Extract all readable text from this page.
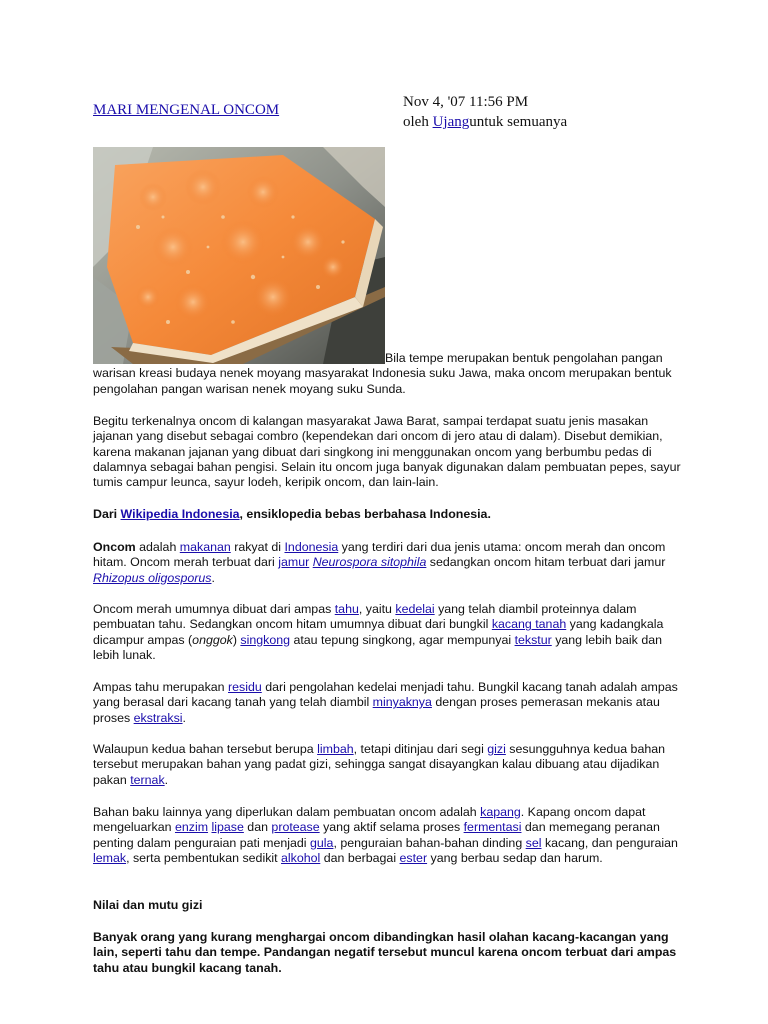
MARI MENGENAL ONCOM	Nov 4, '07 11:56 PM
oleh Ujanguntuk semuanya

Bila tempe merupakan bentuk pengolahan pangan warisan kreasi budaya nenek moyang masyarakat Indonesia suku Jawa, maka oncom merupakan bentuk pengolahan pangan warisan nenek moyang suku Sunda.

Begitu terkenalnya oncom di kalangan masyarakat Jawa Barat, sampai terdapat suatu jenis masakan jajanan yang disebut sebagai combro (kependekan dari oncom di jero atau di dalam). Disebut demikian, karena makanan jajanan yang dibuat dari singkong ini menggunakan oncom yang berbumbu pedas di dalamnya sebagai bahan pengisi. Selain itu oncom juga banyak digunakan dalam pembuatan pepes, sayur tumis campur leunca, sayur lodeh, keripik oncom, dan lain-lain.

Dari Wikipedia Indonesia, ensiklopedia bebas berbahasa Indonesia.

Oncom adalah makanan rakyat di Indonesia yang terdiri dari dua jenis utama: oncom merah dan oncom hitam. Oncom merah terbuat dari jamur Neurospora sitophila sedangkan oncom hitam terbuat dari jamur Rhizopus oligosporus.

Oncom merah umumnya dibuat dari ampas tahu, yaitu kedelai yang telah diambil proteinnya dalam pembuatan tahu. Sedangkan oncom hitam umumnya dibuat dari bungkil kacang tanah yang kadangkala dicampur ampas (onggok) singkong atau tepung singkong, agar mempunyai tekstur yang lebih baik dan lebih lunak.

Ampas tahu merupakan residu dari pengolahan kedelai menjadi tahu. Bungkil kacang tanah adalah ampas yang berasal dari kacang tanah yang telah diambil minyaknya dengan proses pemerasan mekanis atau proses ekstraksi.

Walaupun kedua bahan tersebut berupa limbah, tetapi ditinjau dari segi gizi sesungguhnya kedua bahan tersebut merupakan bahan yang padat gizi, sehingga sangat disayangkan kalau dibuang atau dijadikan pakan ternak.

Bahan baku lainnya yang diperlukan dalam pembuatan oncom adalah kapang. Kapang oncom dapat mengeluarkan enzim lipase dan protease yang aktif selama proses fermentasi dan memegang peranan penting dalam penguraian pati menjadi gula, penguraian bahan-bahan dinding sel kacang, dan penguraian lemak, serta pembentukan sedikit alkohol dan berbagai ester yang berbau sedap dan harum.

Nilai dan mutu gizi

Banyak orang yang kurang menghargai oncom dibandingkan hasil olahan kacang-kacangan yang lain, seperti tahu dan tempe. Pandangan negatif tersebut muncul karena oncom terbuat dari ampas tahu atau bungkil kacang tanah.
